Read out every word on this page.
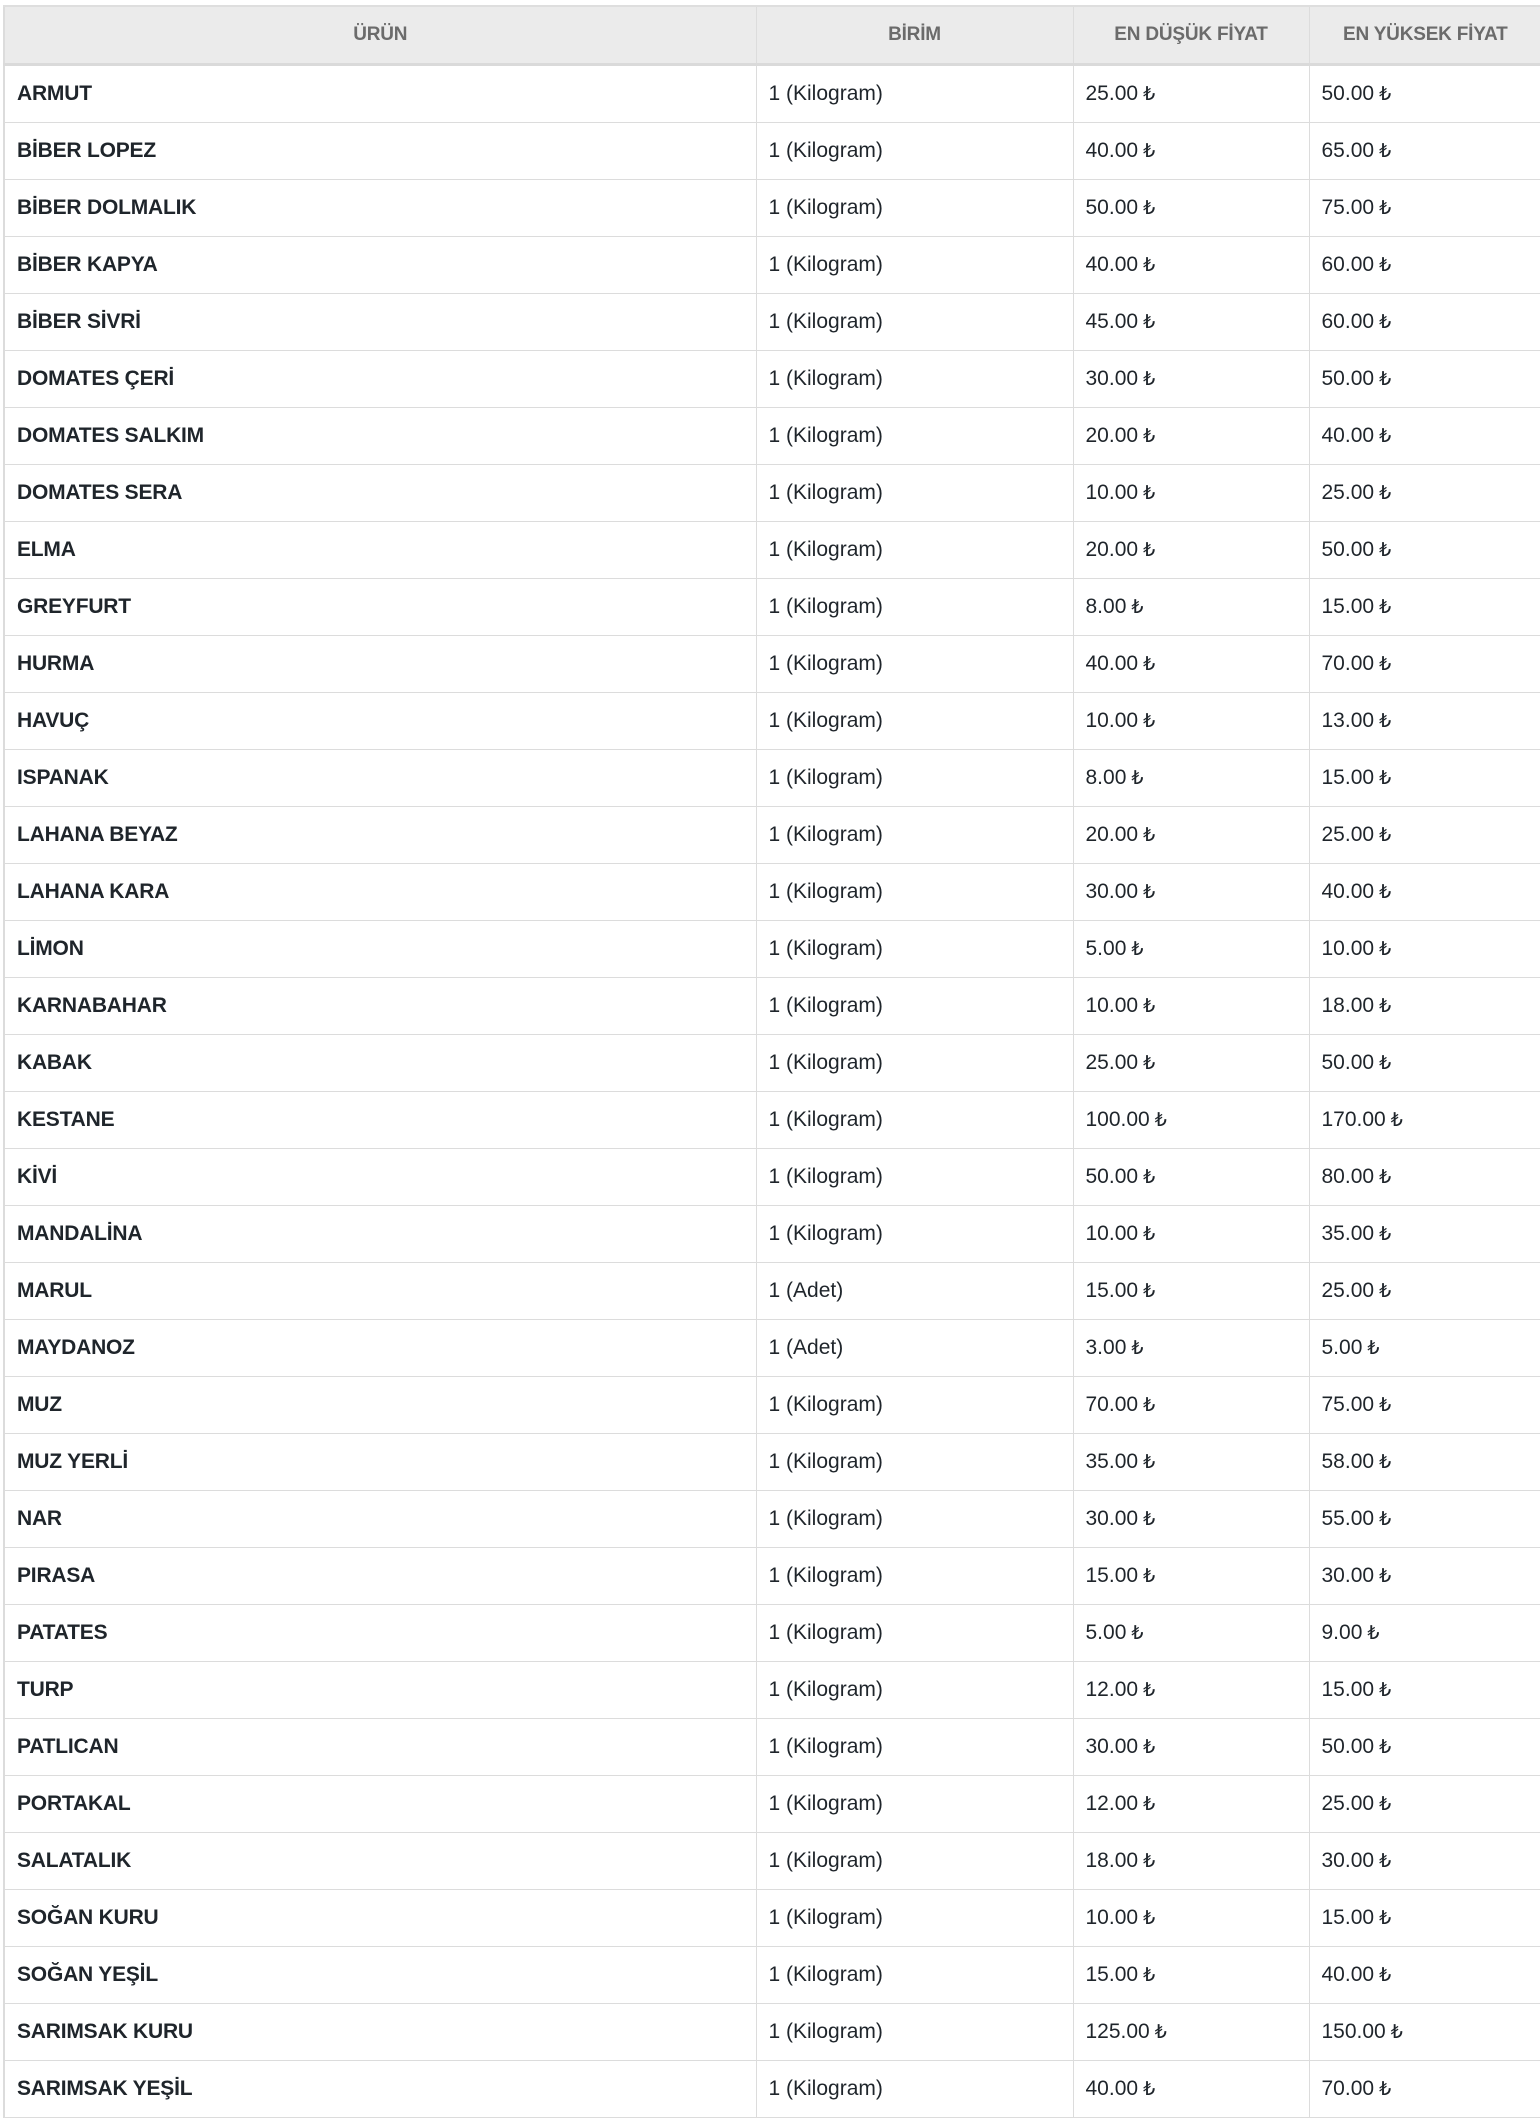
ÜRÜN	BİRİM	EN DÜŞÜK FİYAT	EN YÜKSEK FİYAT
ARMUT	1 (Kilogram)	25.00 ₺	50.00 ₺
BİBER LOPEZ	1 (Kilogram)	40.00 ₺	65.00 ₺
BİBER DOLMALIK	1 (Kilogram)	50.00 ₺	75.00 ₺
BİBER KAPYA	1 (Kilogram)	40.00 ₺	60.00 ₺
BİBER SİVRİ	1 (Kilogram)	45.00 ₺	60.00 ₺
DOMATES ÇERİ	1 (Kilogram)	30.00 ₺	50.00 ₺
DOMATES SALKIM	1 (Kilogram)	20.00 ₺	40.00 ₺
DOMATES SERA	1 (Kilogram)	10.00 ₺	25.00 ₺
ELMA	1 (Kilogram)	20.00 ₺	50.00 ₺
GREYFURT	1 (Kilogram)	8.00 ₺	15.00 ₺
HURMA	1 (Kilogram)	40.00 ₺	70.00 ₺
HAVUÇ	1 (Kilogram)	10.00 ₺	13.00 ₺
ISPANAK	1 (Kilogram)	8.00 ₺	15.00 ₺
LAHANA BEYAZ	1 (Kilogram)	20.00 ₺	25.00 ₺
LAHANA KARA	1 (Kilogram)	30.00 ₺	40.00 ₺
LİMON	1 (Kilogram)	5.00 ₺	10.00 ₺
KARNABAHAR	1 (Kilogram)	10.00 ₺	18.00 ₺
KABAK	1 (Kilogram)	25.00 ₺	50.00 ₺
KESTANE	1 (Kilogram)	100.00 ₺	170.00 ₺
KİVİ	1 (Kilogram)	50.00 ₺	80.00 ₺
MANDALİNA	1 (Kilogram)	10.00 ₺	35.00 ₺
MARUL	1 (Adet)	15.00 ₺	25.00 ₺
MAYDANOZ	1 (Adet)	3.00 ₺	5.00 ₺
MUZ	1 (Kilogram)	70.00 ₺	75.00 ₺
MUZ YERLİ	1 (Kilogram)	35.00 ₺	58.00 ₺
NAR	1 (Kilogram)	30.00 ₺	55.00 ₺
PIRASA	1 (Kilogram)	15.00 ₺	30.00 ₺
PATATES	1 (Kilogram)	5.00 ₺	9.00 ₺
TURP	1 (Kilogram)	12.00 ₺	15.00 ₺
PATLICAN	1 (Kilogram)	30.00 ₺	50.00 ₺
PORTAKAL	1 (Kilogram)	12.00 ₺	25.00 ₺
SALATALIK	1 (Kilogram)	18.00 ₺	30.00 ₺
SOĞAN KURU	1 (Kilogram)	10.00 ₺	15.00 ₺
SOĞAN YEŞİL	1 (Kilogram)	15.00 ₺	40.00 ₺
SARIMSAK KURU	1 (Kilogram)	125.00 ₺	150.00 ₺
SARIMSAK YEŞİL	1 (Kilogram)	40.00 ₺	70.00 ₺
